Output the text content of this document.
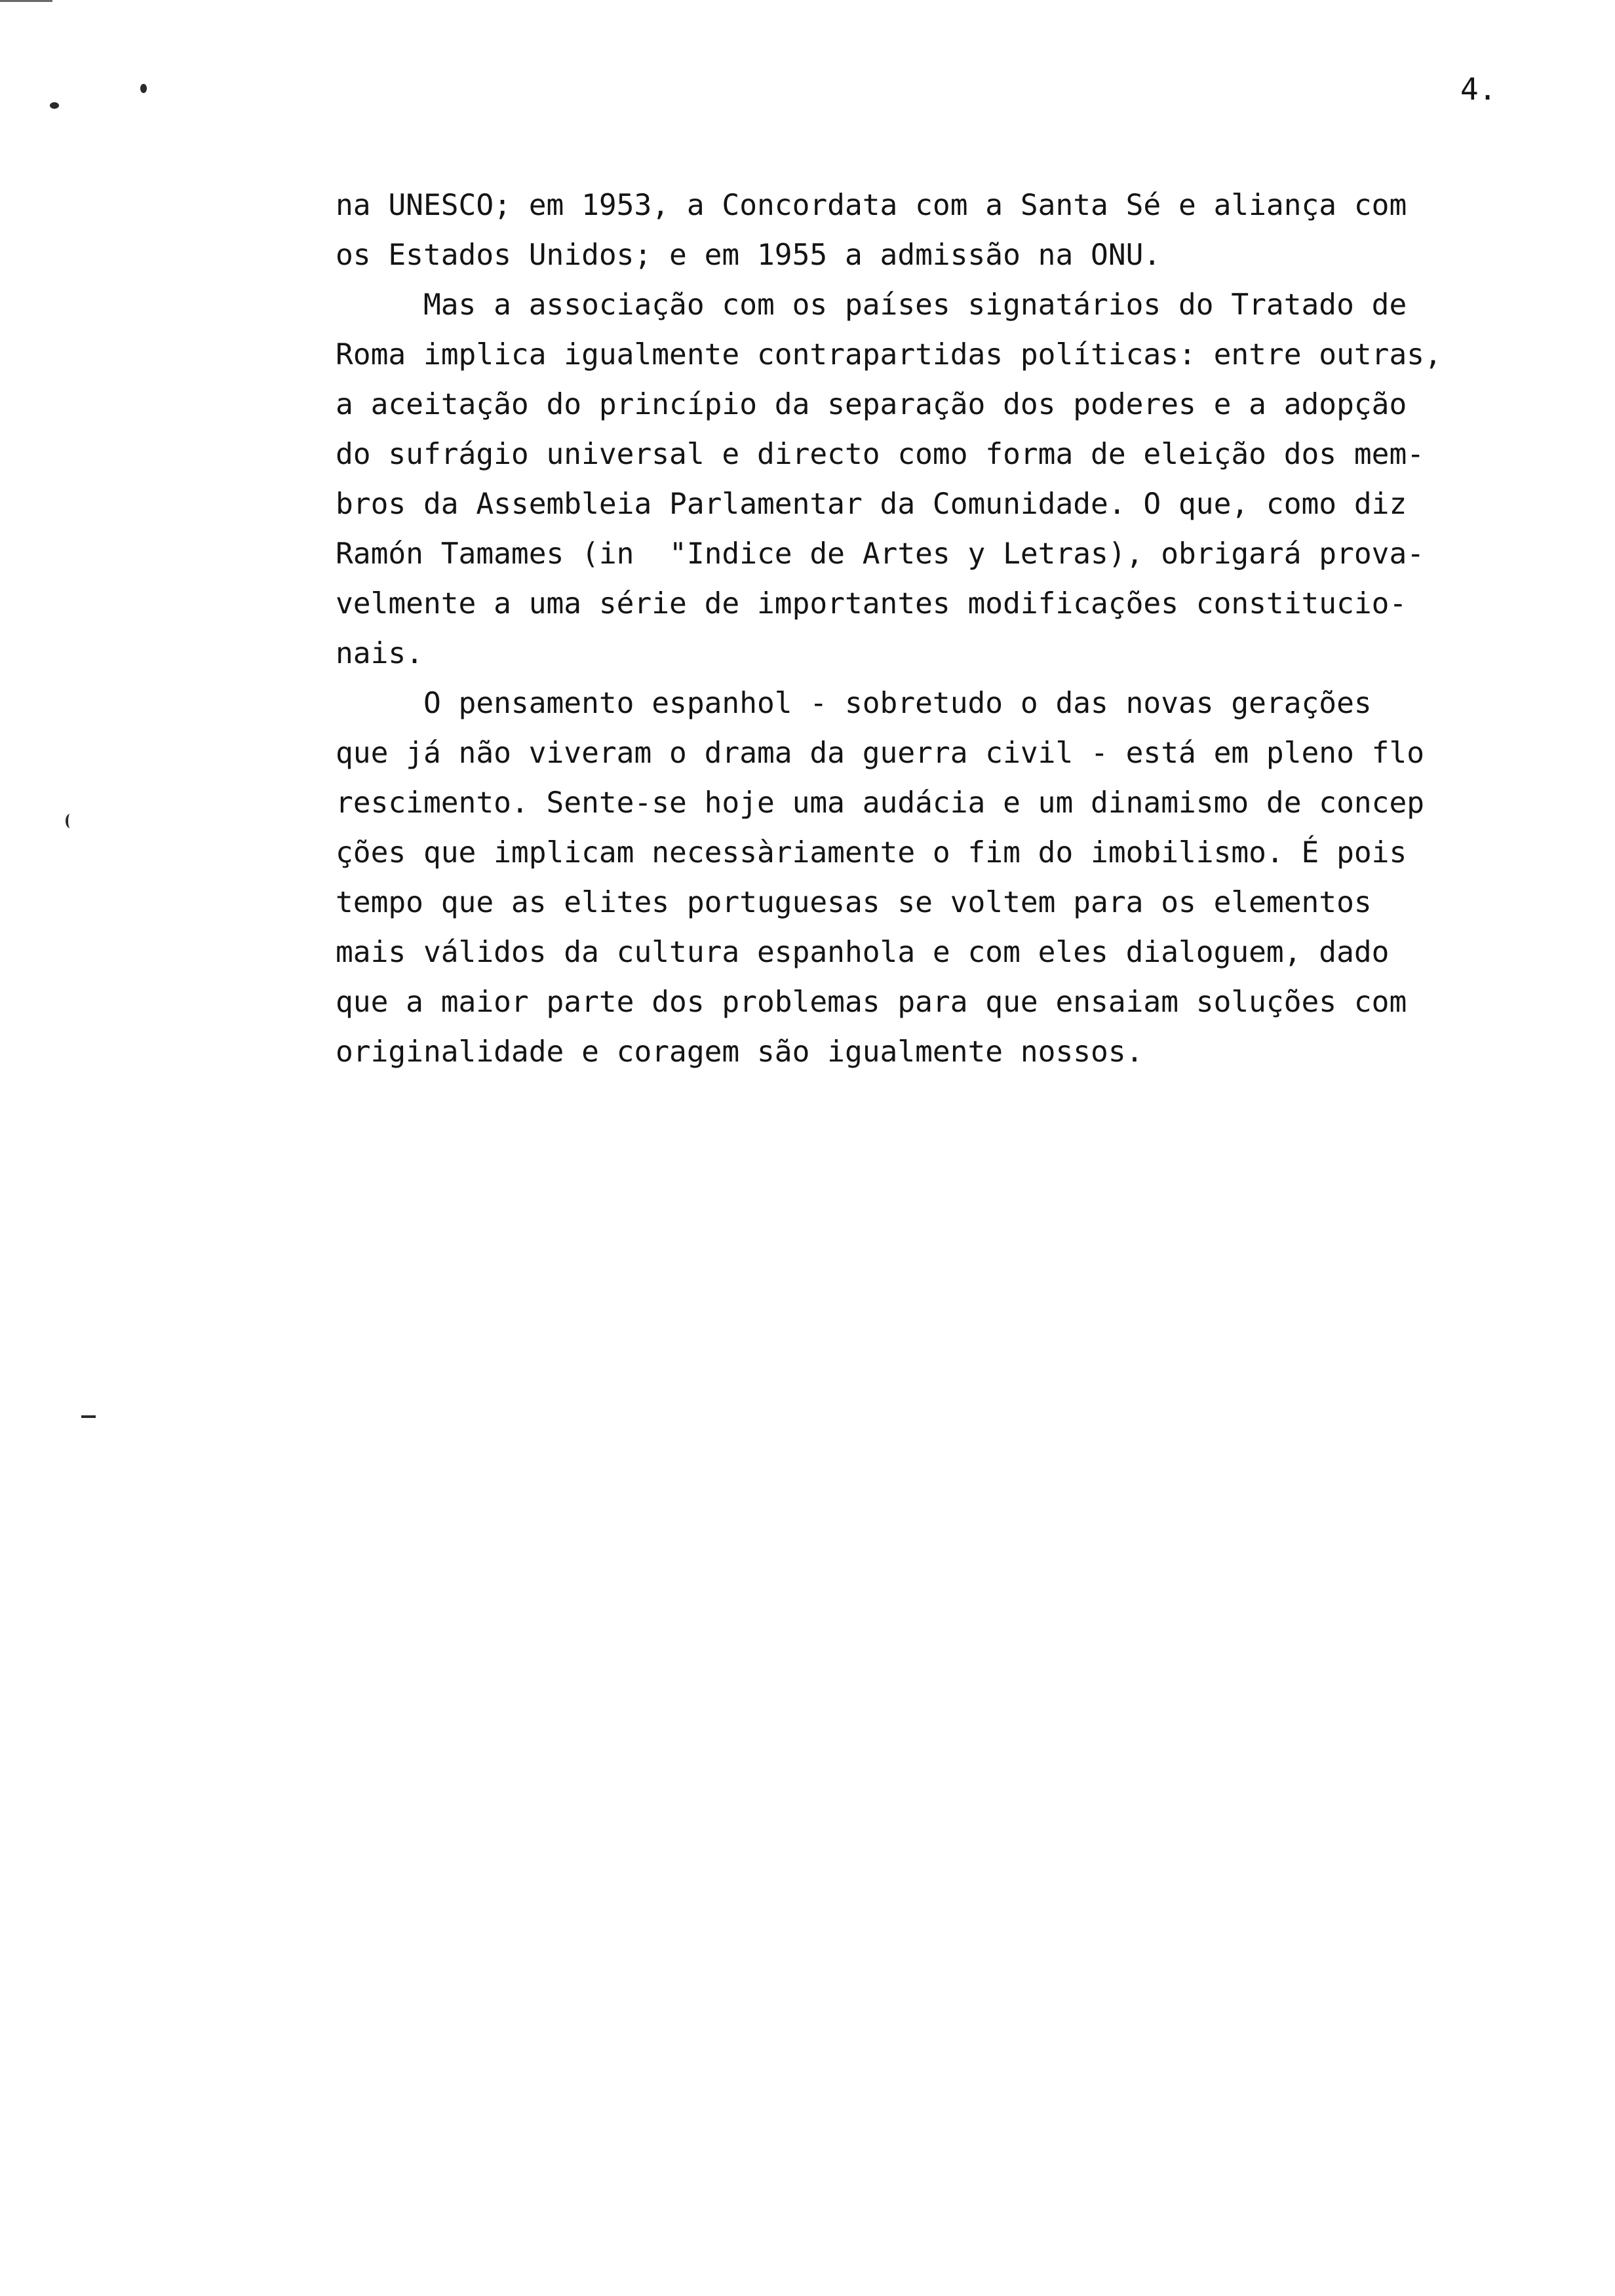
4.

na UNESCO; em 1953, a Concordata com a Santa Sé e aliança com

os Estados Unidos; e em 1955 a admissão na ONU.

Mas a associação com os países signatários do Tratado de

Roma implica igualmente contrapartidas políticas: entre outras,

a aceitação do princípio da separação dos poderes e a adopção

do sufrágio universal e directo como forma de eleição dos mem-

bros da Assembleia Parlamentar da Comunidade. O que, como diz

Ramón Tamames (in  "Indice de Artes y Letras), obrigará prova-

velmente a uma série de importantes modificações constitucio-

nais.

O pensamento espanhol - sobretudo o das novas gerações

que já não viveram o drama da guerra civil - está em pleno flo

rescimento. Sente-se hoje uma audácia e um dinamismo de concep

ções que implicam necessàriamente o fim do imobilismo. É pois

tempo que as elites portuguesas se voltem para os elementos

mais válidos da cultura espanhola e com eles dialoguem, dado

que a maior parte dos problemas para que ensaiam soluções com

originalidade e coragem são igualmente nossos.
